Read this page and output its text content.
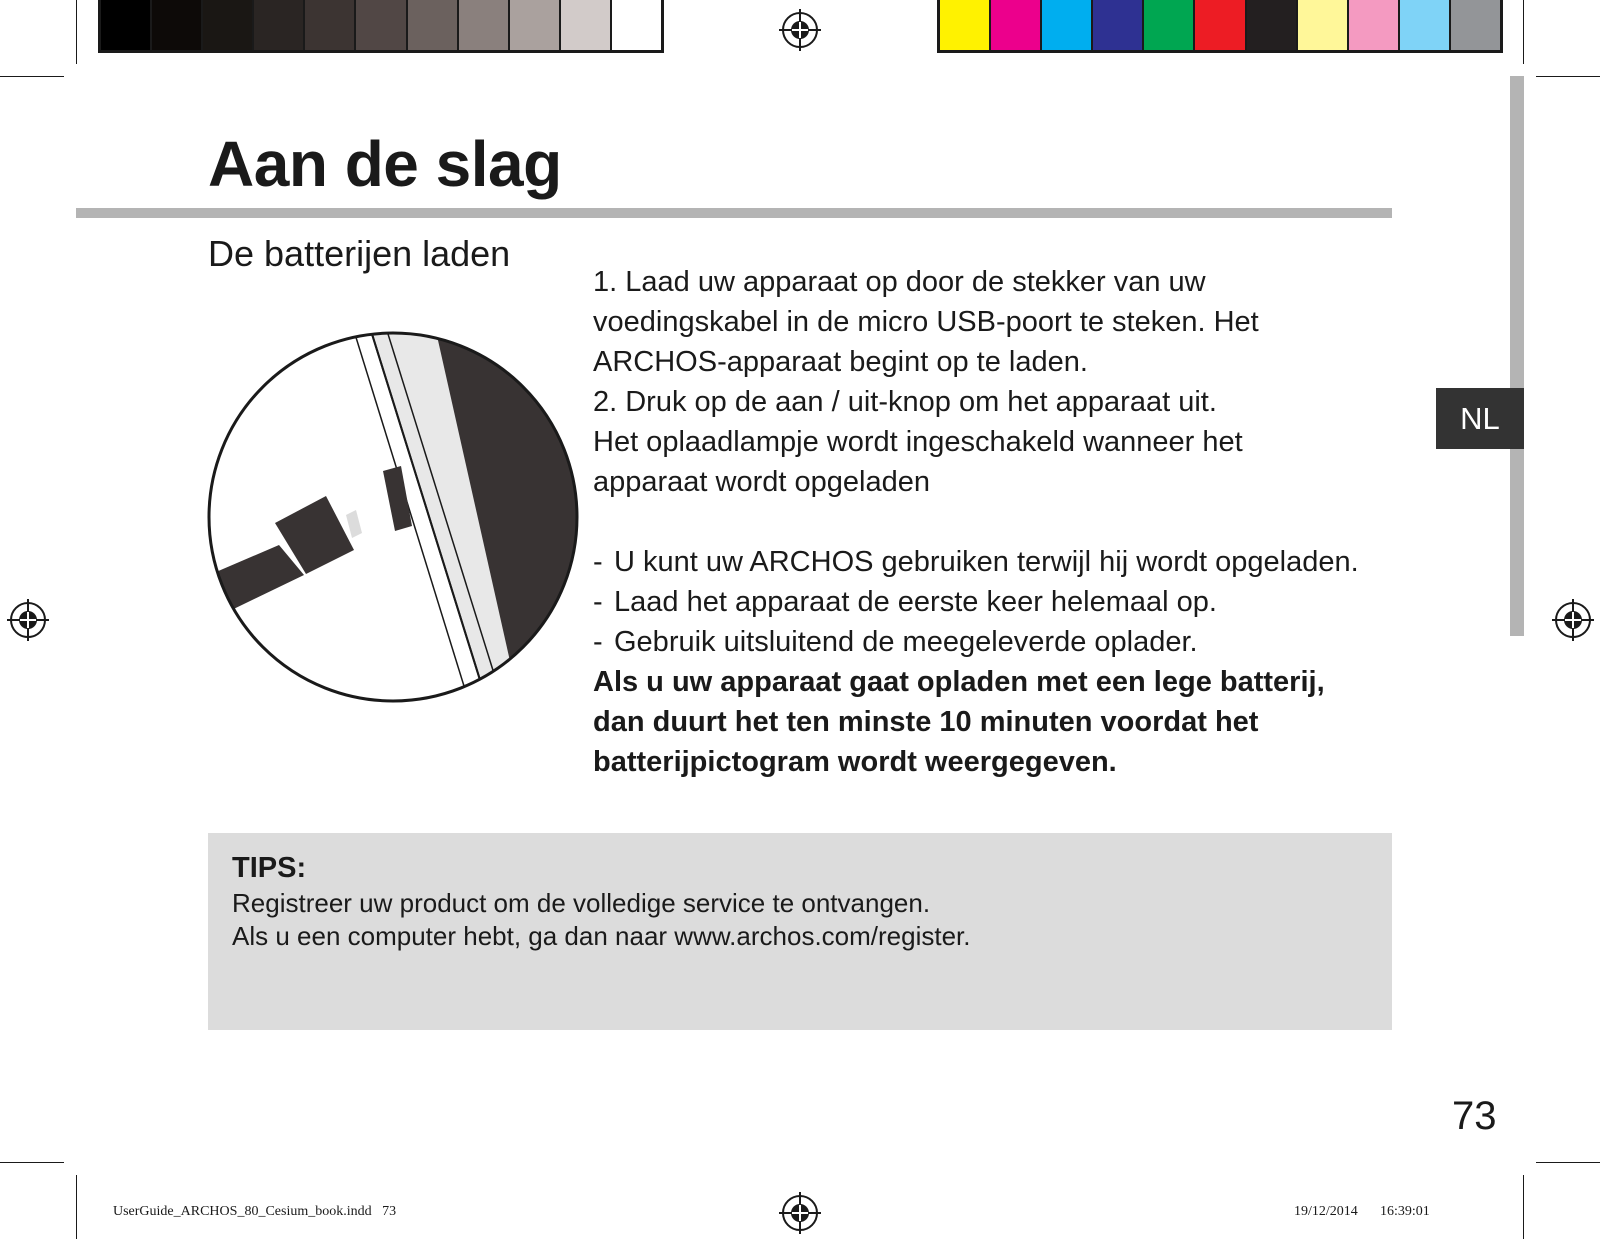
Aan de slag
De batterijen laden

1. Laad uw apparaat op door de stekker van uw

voedingskabel in de micro USB-poort te steken. Het

ARCHOS-apparaat begint op te laden.

2. Druk op de aan / uit-knop om het apparaat uit.

Het oplaadlampje wordt ingeschakeld wanneer het

apparaat wordt opgeladen

- U kunt uw ARCHOS gebruiken terwijl hij wordt opgeladen.
- Laad het apparaat de eerste keer helemaal op.
- Gebruik uitsluitend de meegeleverde oplader.
Als u uw apparaat gaat opladen met een lege batterij,
dan duurt het ten minste 10 minuten voordat het
batterijpictogram wordt weergegeven.

TIPS:

Registreer uw product om de volledige service te ontvangen.

Als u een computer hebt, ga dan naar www.archos.com/register.

NL
73
UserGuide_ARCHOS_80_Cesium_book.indd   73	19/12/2014 16:39:01
